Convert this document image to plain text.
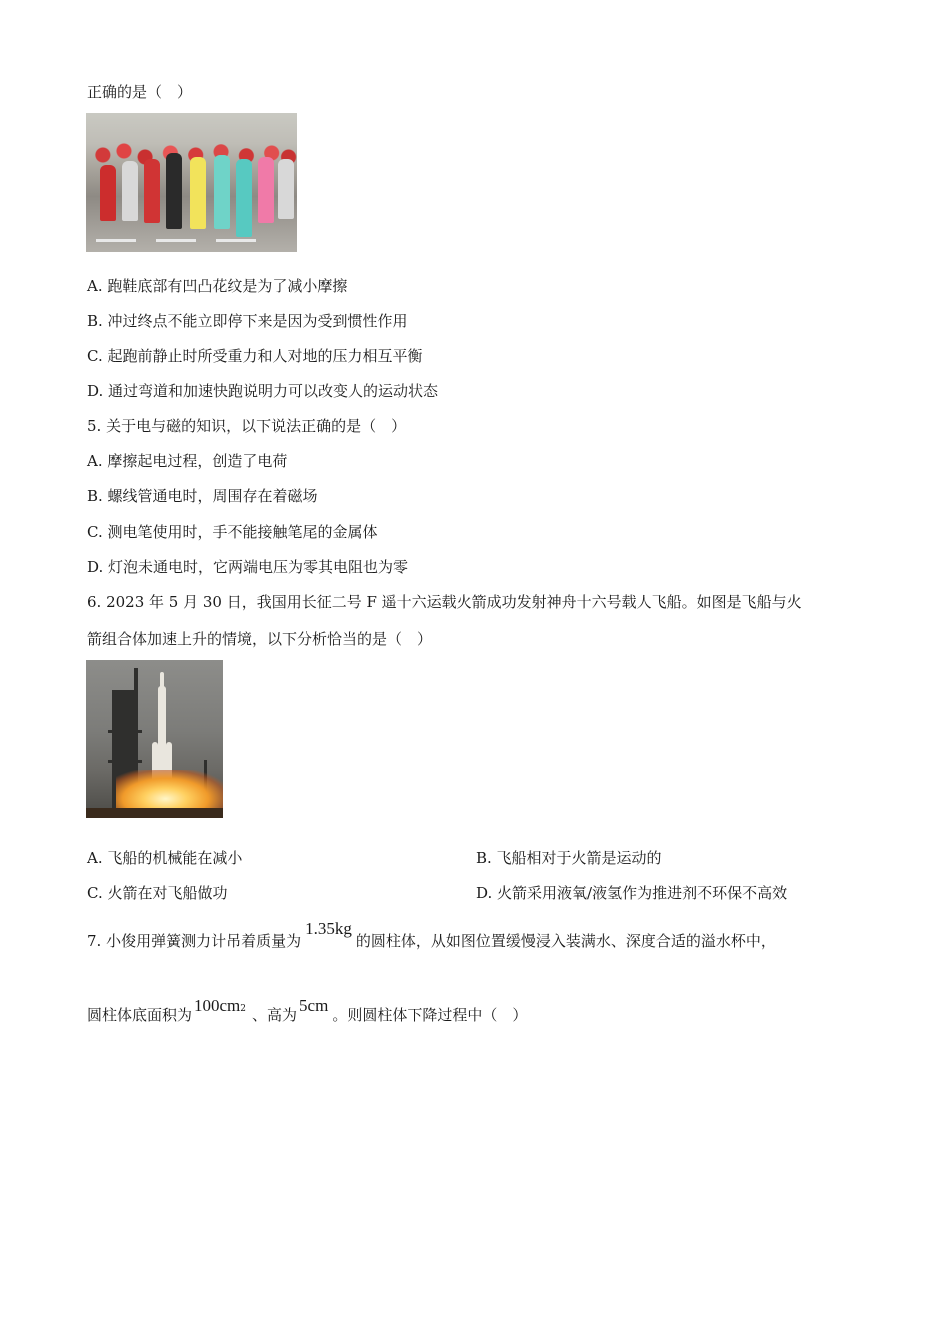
正确的是（　）
A. 跑鞋底部有凹凸花纹是为了减小摩擦
B. 冲过终点不能立即停下来是因为受到惯性作用
C. 起跑前静止时所受重力和人对地的压力相互平衡
D. 通过弯道和加速快跑说明力可以改变人的运动状态
5. 关于电与磁的知识，以下说法正确的是（　）
A. 摩擦起电过程，创造了电荷
B. 螺线管通电时，周围存在着磁场
C. 测电笔使用时，手不能接触笔尾的金属体
D. 灯泡未通电时，它两端电压为零其电阻也为零
6. 2023 年 5 月 30 日，我国用长征二号 F 遥十六运载火箭成功发射神舟十六号载人飞船。如图是飞船与火
箭组合体加速上升的情境，以下分析恰当的是（　）
A. 飞船的机械能在减小	B. 飞船相对于火箭是运动的
C. 火箭在对飞船做功	D. 火箭采用液氧/液氢作为推进剂不环保不高效
7. 小俊用弹簧测力计吊着质量为1.35kg的圆柱体，从如图位置缓慢浸入装满水、深度合适的溢水杯中，
圆柱体底面积为 $100cm^2$ 、高为 5cm 。则圆柱体下降过程中（　）
